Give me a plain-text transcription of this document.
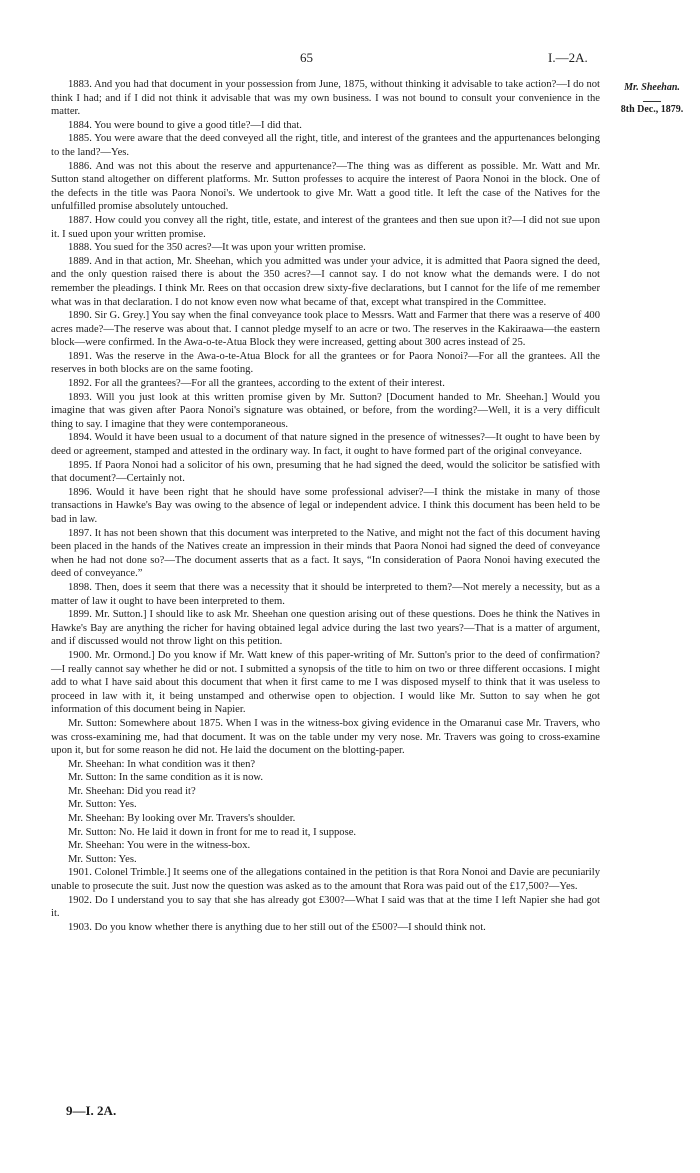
65	I.—2A.
Mr. Sheehan.
8th Dec., 1879.

1883. And you had that document in your possession from June, 1875, without thinking it advisable to take action?—I do not think I had; and if I did not think it advisable that was my own business. I was not bound to consult your convenience in the matter.

1884. You were bound to give a good title?—I did that.

1885. You were aware that the deed conveyed all the right, title, and interest of the grantees and the appurtenances belonging to the land?—Yes.

1886. And was not this about the reserve and appurtenance?—The thing was as different as possible. Mr. Watt and Mr. Sutton stand altogether on different platforms. Mr. Sutton professes to acquire the interest of Paora Nonoi in the block. One of the defects in the title was Paora Nonoi's. We undertook to give Mr. Watt a good title. It left the case of the Natives for the unfulfilled promise absolutely untouched.

1887. How could you convey all the right, title, estate, and interest of the grantees and then sue upon it?—I did not sue upon it. I sued upon your written promise.

1888. You sued for the 350 acres?—It was upon your written promise.

1889. And in that action, Mr. Sheehan, which you admitted was under your advice, it is admitted that Paora signed the deed, and the only question raised there is about the 350 acres?—I cannot say. I do not know what the demands were. I do not remember the pleadings. I think Mr. Rees on that occasion drew sixty-five declarations, but I cannot for the life of me remember what was in that declaration. I do not know even now what became of that, except what transpired in the Committee.

1890. Sir G. Grey.] You say when the final conveyance took place to Messrs. Watt and Farmer that there was a reserve of 400 acres made?—The reserve was about that. I cannot pledge myself to an acre or two. The reserves in the Kakiraawa—the eastern block—were confirmed. In the Awa-o-te-Atua Block they were increased, getting about 300 acres instead of 25.

1891. Was the reserve in the Awa-o-te-Atua Block for all the grantees or for Paora Nonoi?—For all the grantees. All the reserves in both blocks are on the same footing.

1892. For all the grantees?—For all the grantees, according to the extent of their interest.

1893. Will you just look at this written promise given by Mr. Sutton? [Document handed to Mr. Sheehan.] Would you imagine that was given after Paora Nonoi's signature was obtained, or before, from the wording?—Well, it is a very difficult thing to say. I imagine that they were contemporaneous.

1894. Would it have been usual to a document of that nature signed in the presence of witnesses?—It ought to have been by deed or agreement, stamped and attested in the ordinary way. In fact, it ought to have formed part of the original conveyance.

1895. If Paora Nonoi had a solicitor of his own, presuming that he had signed the deed, would the solicitor be satisfied with that document?—Certainly not.

1896. Would it have been right that he should have some professional adviser?—I think the mistake in many of those transactions in Hawke's Bay was owing to the absence of legal or independent advice. I think this document has been held to be bad in law.

1897. It has not been shown that this document was interpreted to the Native, and might not the fact of this document having been placed in the hands of the Natives create an impression in their minds that Paora Nonoi had signed the deed of conveyance when he had not done so?—The document asserts that as a fact. It says, “In consideration of Paora Nonoi having executed the deed of conveyance.”

1898. Then, does it seem that there was a necessity that it should be interpreted to them?—Not merely a necessity, but as a matter of law it ought to have been interpreted to them.

1899. Mr. Sutton.] I should like to ask Mr. Sheehan one question arising out of these questions. Does he think the Natives in Hawke's Bay are anything the richer for having obtained legal advice during the last two years?—That is a matter of argument, and if discussed would not throw light on this petition.

1900. Mr. Ormond.] Do you know if Mr. Watt knew of this paper-writing of Mr. Sutton's prior to the deed of confirmation?—I really cannot say whether he did or not. I submitted a synopsis of the title to him on two or three different occasions. I might add to what I have said about this document that when it first came to me I was disposed myself to think that it was useless to proceed in law with it, it being unstamped and otherwise open to objection. I would like Mr. Sutton to say when he got information of this document being in Napier.

Mr. Sutton: Somewhere about 1875. When I was in the witness-box giving evidence in the Omaranui case Mr. Travers, who was cross-examining me, had that document. It was on the table under my very nose. Mr. Travers was going to cross-examine upon it, but for some reason he did not. He laid the document on the blotting-paper.

Mr. Sheehan: In what condition was it then?

Mr. Sutton: In the same condition as it is now.

Mr. Sheehan: Did you read it?

Mr. Sutton: Yes.

Mr. Sheehan: By looking over Mr. Travers's shoulder.

Mr. Sutton: No. He laid it down in front for me to read it, I suppose.

Mr. Sheehan: You were in the witness-box.

Mr. Sutton: Yes.

1901. Colonel Trimble.] It seems one of the allegations contained in the petition is that Rora Nonoi and Davie are pecuniarily unable to prosecute the suit. Just now the question was asked as to the amount that Rora was paid out of the £17,500?—Yes.

1902. Do I understand you to say that she has already got £300?—What I said was that at the time I left Napier she had got it.

1903. Do you know whether there is anything due to her still out of the £500?—I should think not.

9—I. 2A.
